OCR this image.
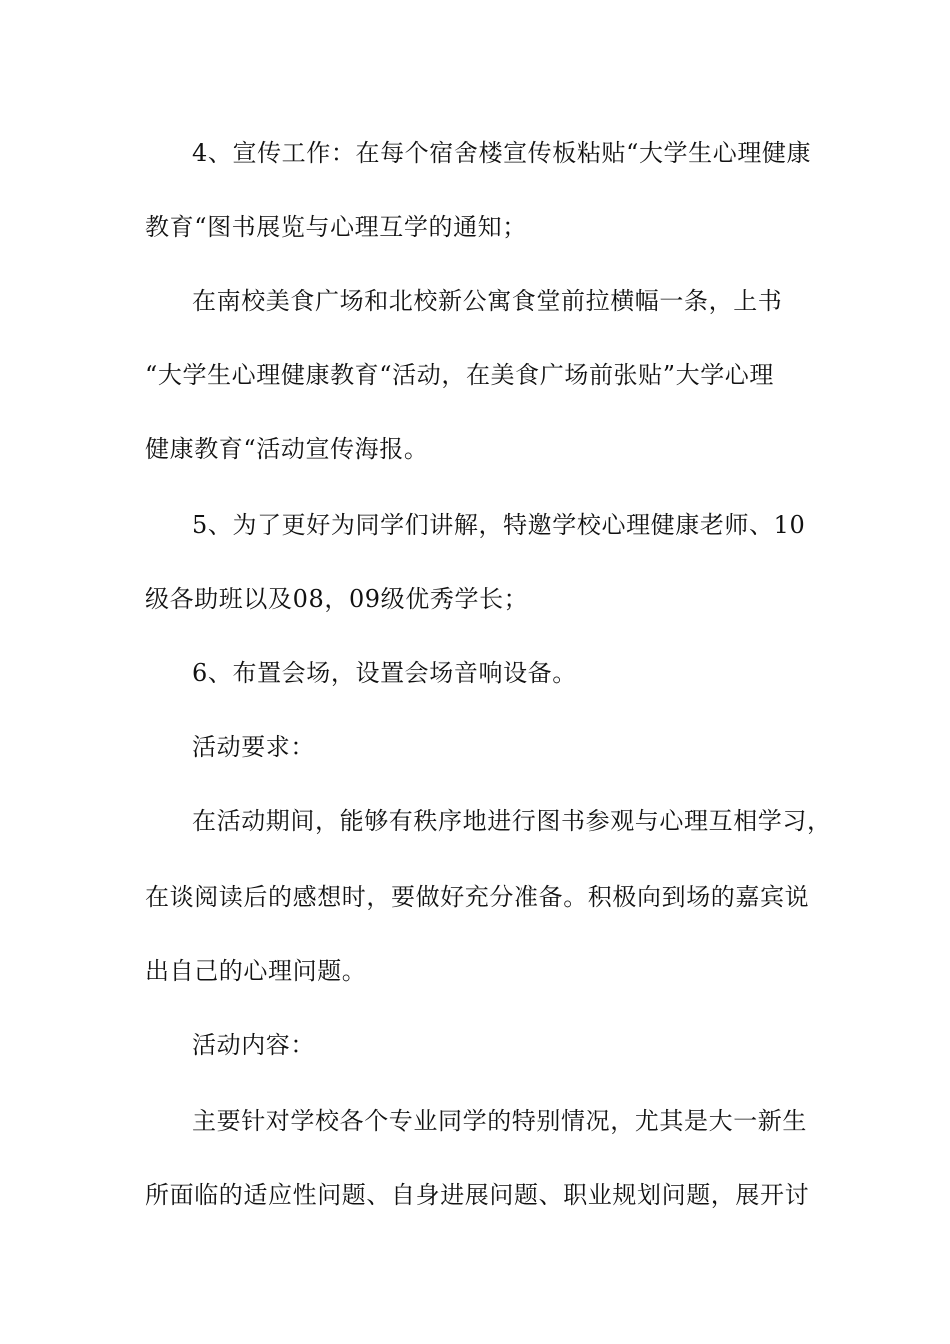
4、宣传工作：在每个宿舍楼宣传板粘贴“大学生心理健康
教育“图书展览与心理互学的通知；
在南校美食广场和北校新公寓食堂前拉横幅一条，上书
“大学生心理健康教育“活动，在美食广场前张贴”大学心理
健康教育“活动宣传海报。
5、为了更好为同学们讲解，特邀学校心理健康老师、10
级各助班以及08，09级优秀学长；
6、布置会场，设置会场音响设备。
活动要求：
在活动期间，能够有秩序地进行图书参观与心理互相学习，
在谈阅读后的感想时，要做好充分准备。积极向到场的嘉宾说
出自己的心理问题。
活动内容：
主要针对学校各个专业同学的特别情况，尤其是大一新生
所面临的适应性问题、自身进展问题、职业规划问题，展开讨
